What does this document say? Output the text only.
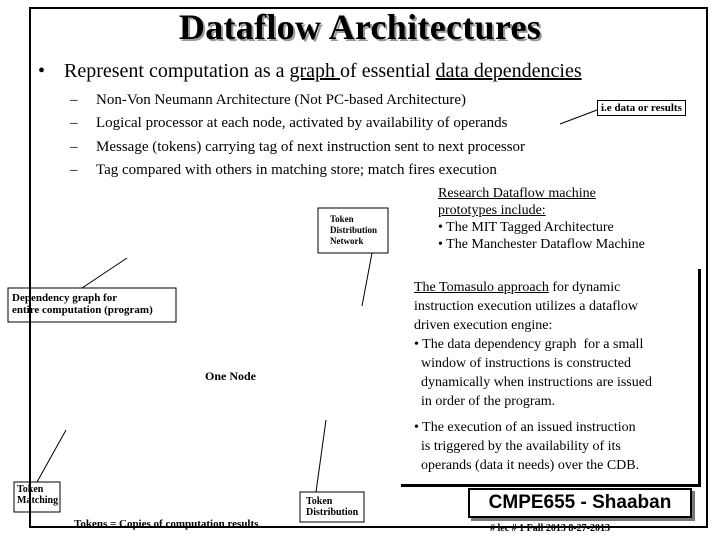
Dataflow Architectures
• Represent computation as a graph of essential data dependencies
– Non-Von Neumann Architecture (Not PC-based Architecture)
– Logical processor at each node, activated by availability of operands
– Message (tokens) carrying tag of next instruction sent to next processor
– Tag compared with others in matching store; match fires execution
i.e data or results
Research Dataflow machine
prototypes include:
• The MIT Tagged Architecture
• The Manchester Dataflow Machine
Token
Distribution
Network
Dependency graph for
entire computation (program)
One Node
Token
Matching
Tokens = Copies of computation results
Token
Distribution
The Tomasulo approach for dynamic
instruction execution utilizes a dataflow
driven execution engine:
• The data dependency graph  for a small
window of instructions is constructed
dynamically when instructions are issued
in order of the program.
• The execution of an issued instruction
is triggered by the availability of its
operands (data it needs) over the CDB.
CMPE655 - Shaaban
# lec # 1 Fall 2013 8-27-2013
